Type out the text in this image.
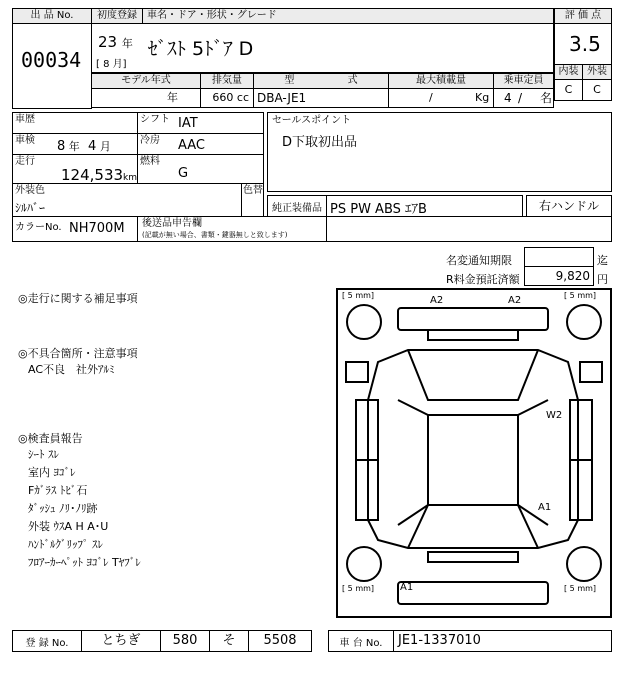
出 品 No.
00034
初度登録	車名・ドア・形状・グレード
23 年
[ 8 月]
ｾﾞｽﾄ 5ﾄﾞｱ D
評 価 点
3.5
内装 外装
C	C
モデル年式	排気量	型 式	最大積載量	乗車定員
年	660 cc DBA-JE1	/	Kg 4 / 名
車歴	シフト IAT
車検 8 年 4 月	冷房 AAC
走行
124,533km
燃料
G
外装色
ｼﾙﾊﾞｰ
色替
カラーNo. NH700M 後送品申告欄
(記載が無い場合、書類・鍵器無しと致します)
セールスポイント
D下取初出品
純正装備品 PS PW ABS ｴｱB	右ハンドル
名変通知期限	迄
R料金預託済額	9,820 円
◎走行に関する補足事項
◎不具合箇所・注意事項
AC不良　社外ｱﾙﾐ
◎検査員報告
ｼｰﾄ ｽﾚ
室内 ﾖｺﾞﾚ
Fｶﾞﾗｽ ﾄﾋﾞ石
ﾀﾞｯｼｭ ﾉﾘ･ﾉﾘ跡
外装 ｳｽA H A･U
ﾊﾝﾄﾞﾙｸﾞﾘｯﾌﾟ ｽﾚ
ﾌﾛｱｰｶｰﾍﾟｯﾄ ﾖｺﾞﾚ Tﾔﾌﾞﾚ
[ 5 mm]	[ 5 mm]
[ 5 mm]	[ 5 mm]
A2	A2
W2
A1
A1
登 録 No.	とちぎ	580	そ	5508	車 台 No.	JE1-1337010
